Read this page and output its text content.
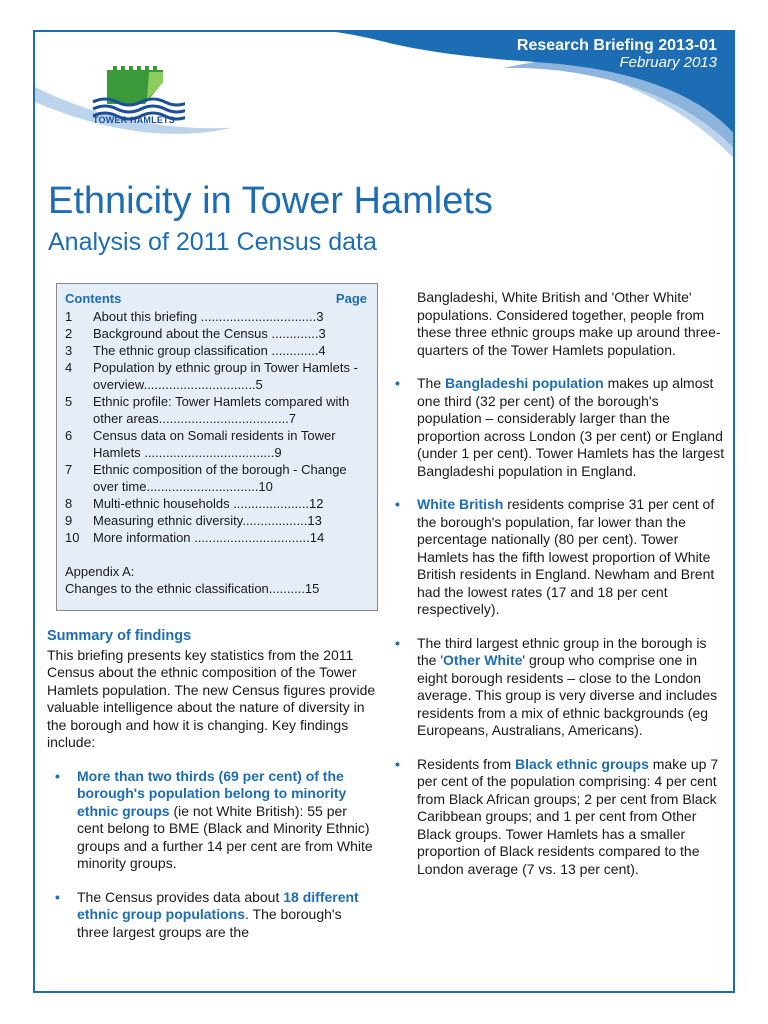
Research Briefing 2013-01
February 2013
TOWER HAMLETS
Ethnicity in Tower Hamlets
Analysis of 2011 Census data
Contents	Page
1	About this briefing ................................3
2	Background about the Census .............3
3	The ethnic group classification .............4
4	Population by ethnic group in Tower Hamlets - overview...............................5
5	Ethnic profile: Tower Hamlets compared with other areas....................................7
6	Census data on Somali residents in Tower Hamlets ....................................9
7	Ethnic composition of the borough - Change over time...............................10
8	Multi-ethnic households .....................12
9	Measuring ethnic diversity..................13
10	More information ................................14
Appendix A:
Changes to the ethnic classification..........15
Summary of findings

This briefing presents key statistics from the 2011 Census about the ethnic composition of the Tower Hamlets population. The new Census figures provide valuable intelligence about the nature of diversity in the borough and how it is changing. Key findings include:

• More than two thirds (69 per cent) of the borough's population belong to minority ethnic groups (ie not White British): 55 per cent belong to BME (Black and Minority Ethnic) groups and a further 14 per cent are from White minority groups.
• The Census provides data about 18 different ethnic group populations. The borough's three largest groups are the

Bangladeshi, White British and 'Other White' populations. Considered together, people from these three ethnic groups make up around three-quarters of the Tower Hamlets population.

• The Bangladeshi population makes up almost one third (32 per cent) of the borough's population – considerably larger than the proportion across London (3 per cent) or England (under 1 per cent). Tower Hamlets has the largest Bangladeshi population in England.
• White British residents comprise 31 per cent of the borough's population, far lower than the percentage nationally (80 per cent). Tower Hamlets has the fifth lowest proportion of White British residents in England. Newham and Brent had the lowest rates (17 and 18 per cent respectively).
• The third largest ethnic group in the borough is the 'Other White' group who comprise one in eight borough residents – close to the London average. This group is very diverse and includes residents from a mix of ethnic backgrounds (eg Europeans, Australians, Americans).
• Residents from Black ethnic groups make up 7 per cent of the population comprising: 4 per cent from Black African groups; 2 per cent from Black Caribbean groups; and 1 per cent from Other Black groups. Tower Hamlets has a smaller proportion of Black residents compared to the London average (7 vs. 13 per cent).
